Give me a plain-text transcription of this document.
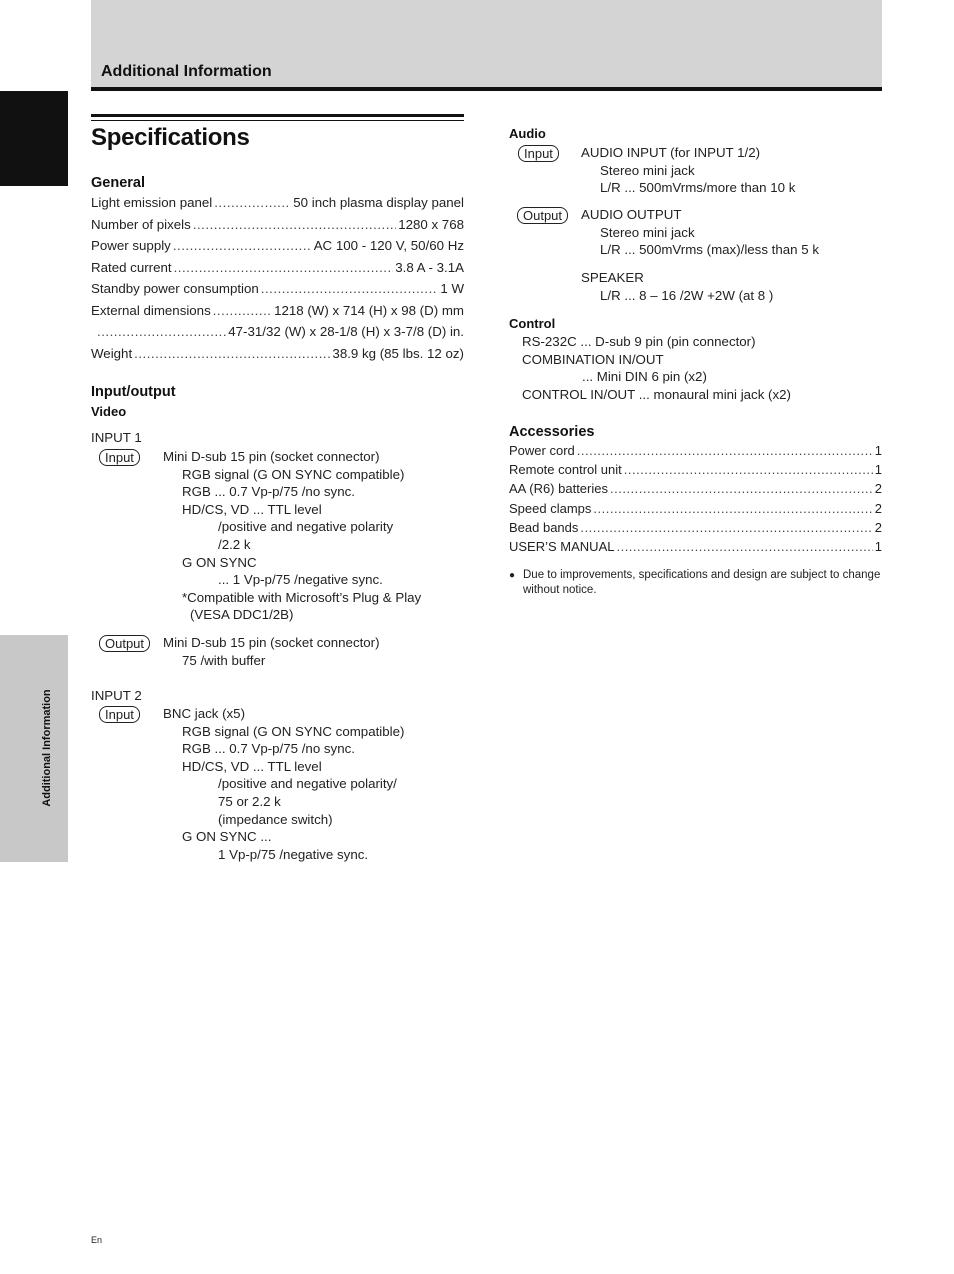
Additional Information
English
Additional Information
Specifications
General
Light emission panel .....	50 inch plasma display panel
Number of pixels .....	1280 x 768
Power supply .....	AC 100 - 120 V, 50/60 Hz
Rated current .....	3.8 A - 3.1A
Standby power consumption .....	1 W
External dimensions .....	1218 (W) x 714 (H) x 98 (D) mm
.....
47-31/32 (W) x 28-1/8 (H) x 3-7/8 (D) in.
Weight .....	38.9 kg (85 lbs. 12 oz)
Input/output
Video
INPUT 1
Input	Mini D-sub 15 pin (socket connector)
RGB signal (G ON SYNC compatible)
RGB ... 0.7 Vp-p/75 /no sync.
HD/CS, VD ... TTL level
/positive and negative polarity
/2.2 k
G ON SYNC
... 1 Vp-p/75 /negative sync.
*Compatible with Microsoft’s Plug & Play
(VESA DDC1/2B)
Output	Mini D-sub 15 pin (socket connector)
75 /with buffer
INPUT 2
Input	BNC jack (x5)
RGB signal (G ON SYNC compatible)
RGB ... 0.7 Vp-p/75 /no sync.
HD/CS, VD ... TTL level
/positive and negative polarity/
75 or 2.2 k
(impedance switch)
G ON SYNC ...
1 Vp-p/75 /negative sync.
Audio
Input	AUDIO INPUT (for INPUT 1/2)
Stereo mini jack
L/R ... 500mVrms/more than 10 k
Output	AUDIO OUTPUT
Stereo mini jack
L/R ... 500mVrms (max)/less than 5 k
SPEAKER
L/R ... 8 – 16 /2W +2W (at 8 )
Control
RS-232C ... D-sub 9 pin (pin connector)
COMBINATION IN/OUT
... Mini DIN 6 pin (x2)
CONTROL IN/OUT ... monaural mini jack (x2)
Accessories
Power cord .....	1
Remote control unit .....	1
AA (R6) batteries .....	2
Speed clamps .....	2
Bead bands .....	2
USER’S MANUAL .....	1
● Due to improvements, specifications and design are subject to change without notice.
En
